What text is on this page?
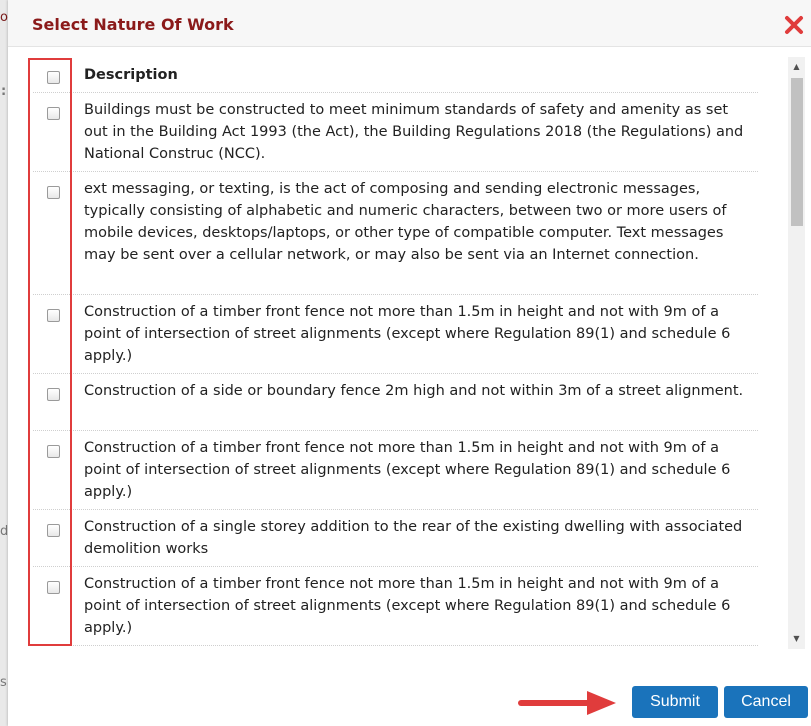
o
:
d
s
Select Nature Of Work
Description
Buildings must be constructed to meet minimum standards of safety and amenity as set out in the Building Act 1993 (the Act), the Building Regulations 2018 (the Regulations) and National Construc (NCC).
ext messaging, or texting, is the act of composing and sending electronic messages, typically consisting of alphabetic and numeric characters, between two or more users of mobile devices, desktops/laptops, or other type of compatible computer. Text messages may be sent over a cellular network, or may also be sent via an Internet connection.
Construction of a timber front fence not more than 1.5m in height and not with 9m of a point of intersection of street alignments (except where Regulation 89(1) and schedule 6 apply.)
Construction of a side or boundary fence 2m high and not within 3m of a street alignment.
Construction of a timber front fence not more than 1.5m in height and not with 9m of a point of intersection of street alignments (except where Regulation 89(1) and schedule 6 apply.)
Construction of a single storey addition to the rear of the existing dwelling with associated demolition works
Construction of a timber front fence not more than 1.5m in height and not with 9m of a point of intersection of street alignments (except where Regulation 89(1) and schedule 6 apply.)
▲
▼
Submit	Cancel
